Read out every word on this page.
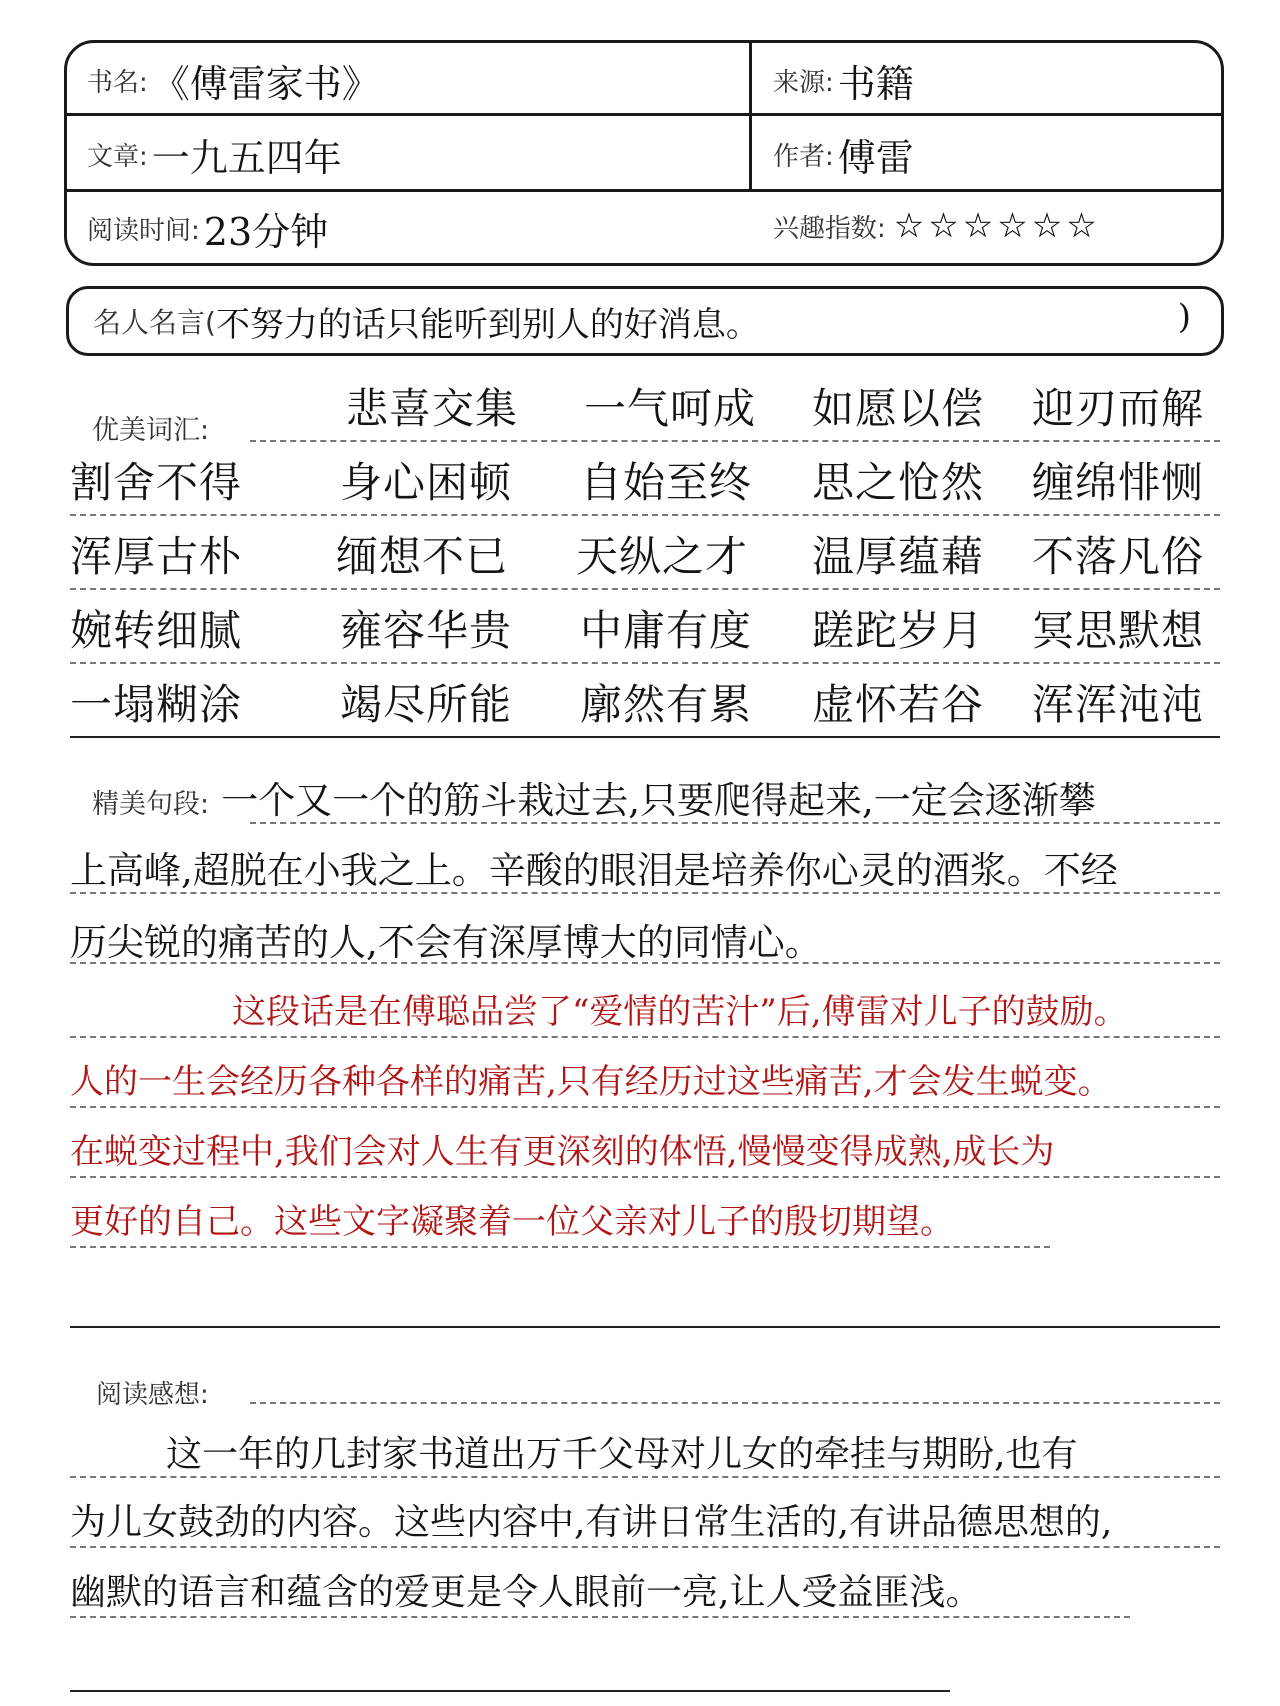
书名: 《傅雷家书》	来源: 书籍
文章: 一九五四年	作者: 傅雷
阅读时间: 23分钟	兴趣指数: ☆ ☆ ☆ ☆ ☆ ☆
名人名言( 不努力的话只能听到别人的好消息。	)
优美词汇:	悲喜交集 一气呵成 如愿以偿 迎刃而解
割舍不得 身心困顿 自始至终 思之怆然 缠绵悱恻
浑厚古朴 缅想不已 天纵之才 温厚蕴藉 不落凡俗
婉转细腻 雍容华贵 中庸有度 蹉跎岁月 冥思默想
一塌糊涂 竭尽所能 廓然有累 虚怀若谷 浑浑沌沌
精美句段: 一个又一个的筋斗栽过去,只要爬得起来,一定会逐渐攀
上高峰,超脱在小我之上。辛酸的眼泪是培养你心灵的酒浆。不经
历尖锐的痛苦的人,不会有深厚博大的同情心。
这段话是在傅聪品尝了“爱情的苦汁”后,傅雷对儿子的鼓励。
人的一生会经历各种各样的痛苦,只有经历过这些痛苦,才会发生蜕变。
在蜕变过程中,我们会对人生有更深刻的体悟,慢慢变得成熟,成长为
更好的自己。这些文字凝聚着一位父亲对儿子的殷切期望。
阅读感想:
这一年的几封家书道出万千父母对儿女的牵挂与期盼,也有
为儿女鼓劲的内容。这些内容中,有讲日常生活的,有讲品德思想的,
幽默的语言和蕴含的爱更是令人眼前一亮,让人受益匪浅。
